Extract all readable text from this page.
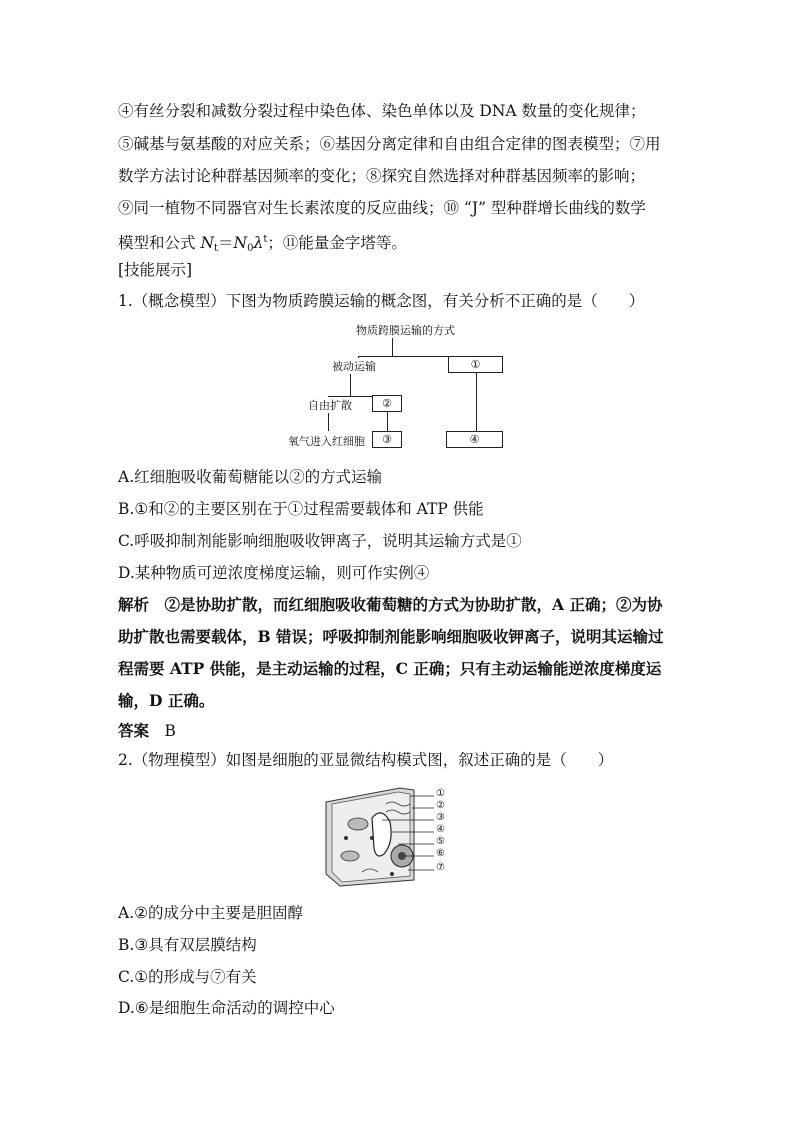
④有丝分裂和减数分裂过程中染色体、染色单体以及 DNA 数量的变化规律；
⑤碱基与氨基酸的对应关系；⑥基因分离定律和自由组合定律的图表模型；⑦用
数学方法讨论种群基因频率的变化；⑧探究自然选择对种群基因频率的影响；
⑨同一植物不同器官对生长素浓度的反应曲线；⑩ “J” 型种群增长曲线的数学
模型和公式 $N_t=N_0\lambda^t$；⑪能量金字塔等。
[技能展示]
1.（概念模型）下图为物质跨膜运输的概念图，有关分析不正确的是（　　）
物质跨膜运输的方式
被动运输	①
自由扩散	②
氧气进入红细胞	③	④
A.红细胞吸收葡萄糖能以②的方式运输
B.①和②的主要区别在于①过程需要载体和 ATP 供能
C.呼吸抑制剂能影响细胞吸收钾离子，说明其运输方式是①
D.某种物质可逆浓度梯度运输，则可作实例④
解析　 ②是协助扩散，而红细胞吸收葡萄糖的方式为协助扩散，A 正确；②为协
助扩散也需要载体，B 错误；呼吸抑制剂能影响细胞吸收钾离子，说明其运输过
程需要 ATP 供能，是主动运输的过程，C 正确；只有主动运输能逆浓度梯度运
输，D 正确。
答案　 B
2.（物理模型）如图是细胞的亚显微结构模式图，叙述正确的是（　　）
①
②
③
④
⑤
⑥
⑦
A.②的成分中主要是胆固醇
B.③具有双层膜结构
C.①的形成与⑦有关
D.⑥是细胞生命活动的调控中心
